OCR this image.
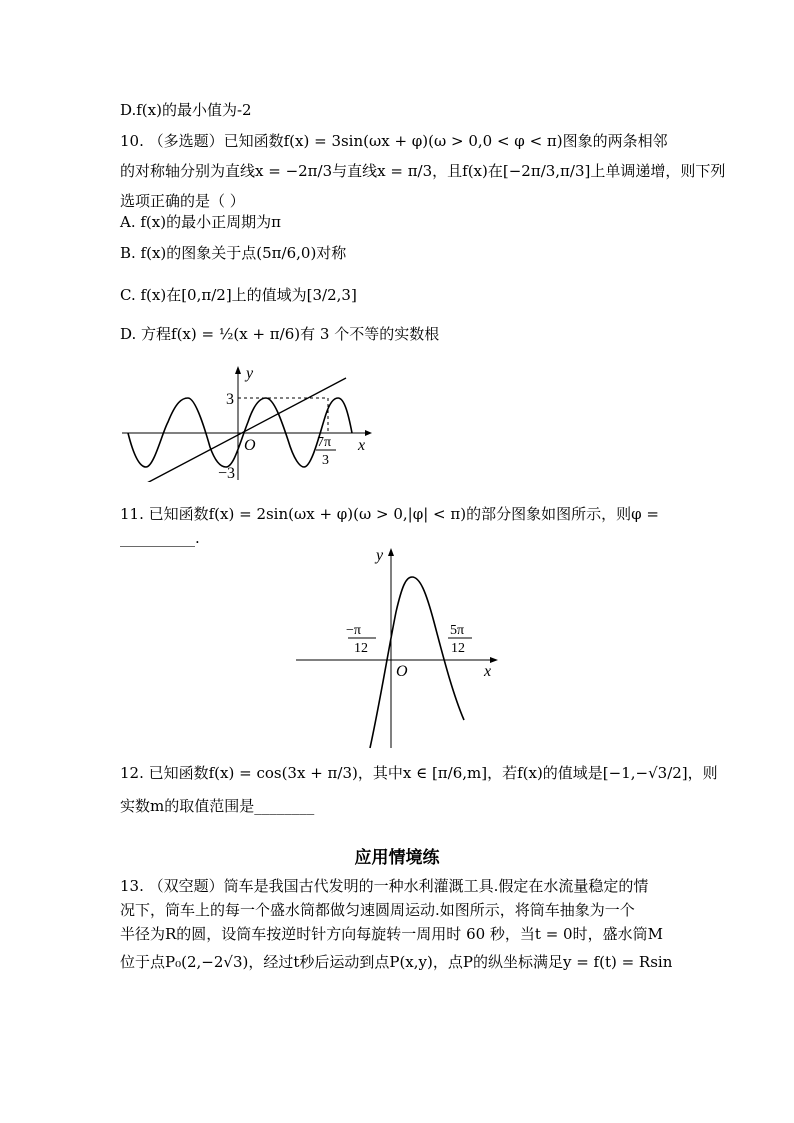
D.f(x)的最小值为-2
10. （多选题）已知函数f(x) = 3sin(ωx + φ)(ω > 0,0 < φ < π)图象的两条相邻
的对称轴分别为直线x = −2π/3与直线x = π/3，且f(x)在[−2π/3,π/3]上单调递增，则下列
选项正确的是（ ）
A. f(x)的最小正周期为π
B. f(x)的图象关于点(5π/6,0)对称
C. f(x)在[0,π/2]上的值域为[3/2,3]
D. 方程f(x) = ½(x + π/6)有 3 个不等的实数根
y
x
O
3
−3
7π
3
11. 已知函数f(x) = 2sin(ωx + φ)(ω > 0,|φ| < π)的部分图象如图所示，则φ =
__________.
y
x
O
−π
12
5π
12
12. 已知函数f(x) = cos(3x + π/3)，其中x ∈ [π/6,m]，若f(x)的值域是[−1,−√3/2]，则
实数m的取值范围是________
应用情境练
13. （双空题）筒车是我国古代发明的一种水利灌溉工具.假定在水流量稳定的情
况下，筒车上的每一个盛水筒都做匀速圆周运动.如图所示，将筒车抽象为一个
半径为R的圆，设筒车按逆时针方向每旋转一周用时 60 秒，当t = 0时，盛水筒M
位于点P₀(2,−2√3)，经过t秒后运动到点P(x,y)，点P的纵坐标满足y = f(t) = Rsin
